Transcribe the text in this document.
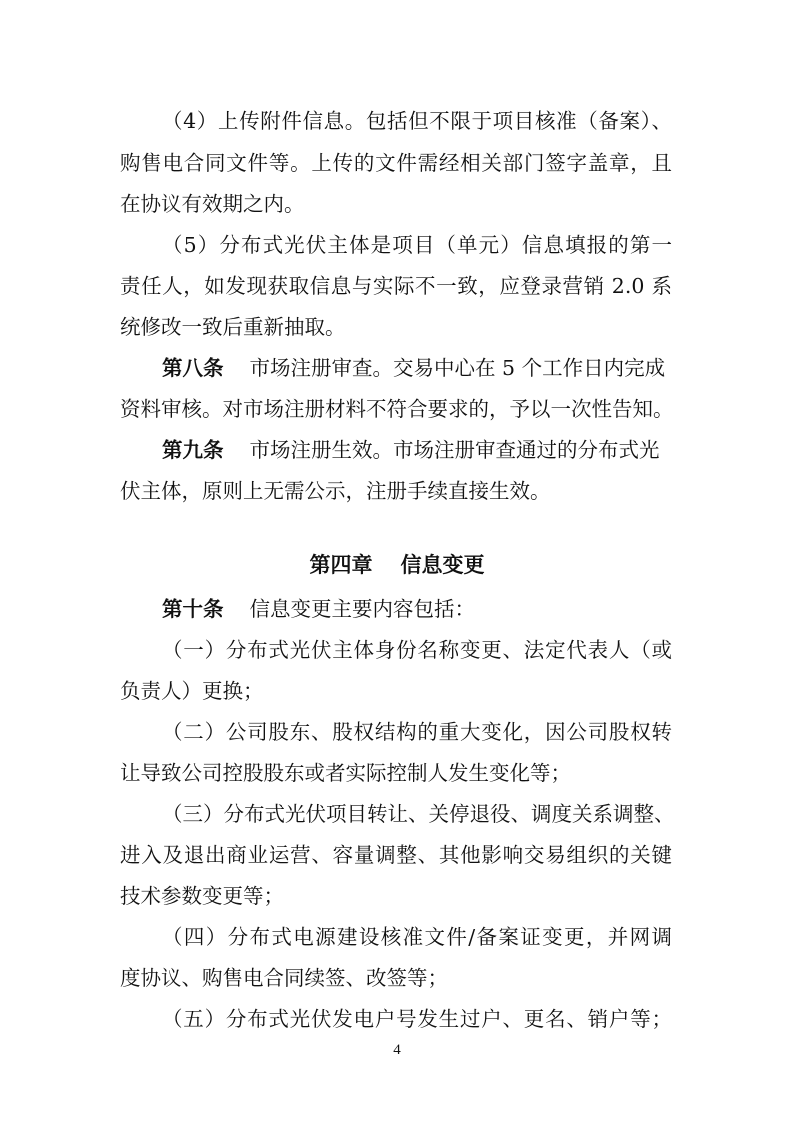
（4）上传附件信息。包括但不限于项目核准（备案）、
购售电合同文件等。上传的文件需经相关部门签字盖章，且
在协议有效期之内。
（5）分布式光伏主体是项目（单元）信息填报的第一
责任人，如发现获取信息与实际不一致，应登录营销 2.0 系
统修改一致后重新抽取。
第八条 市场注册审查。交易中心在 5 个工作日内完成
资料审核。对市场注册材料不符合要求的，予以一次性告知。
第九条 市场注册生效。市场注册审查通过的分布式光
伏主体，原则上无需公示，注册手续直接生效。
第四章 信息变更
第十条 信息变更主要内容包括：
（一）分布式光伏主体身份名称变更、法定代表人（或
负责人）更换；
（二）公司股东、股权结构的重大变化，因公司股权转
让导致公司控股股东或者实际控制人发生变化等；
（三）分布式光伏项目转让、关停退役、调度关系调整、
进入及退出商业运营、容量调整、其他影响交易组织的关键
技术参数变更等；
（四）分布式电源建设核准文件/备案证变更，并网调
度协议、购售电合同续签、改签等；
（五）分布式光伏发电户号发生过户、更名、销户等；
4
